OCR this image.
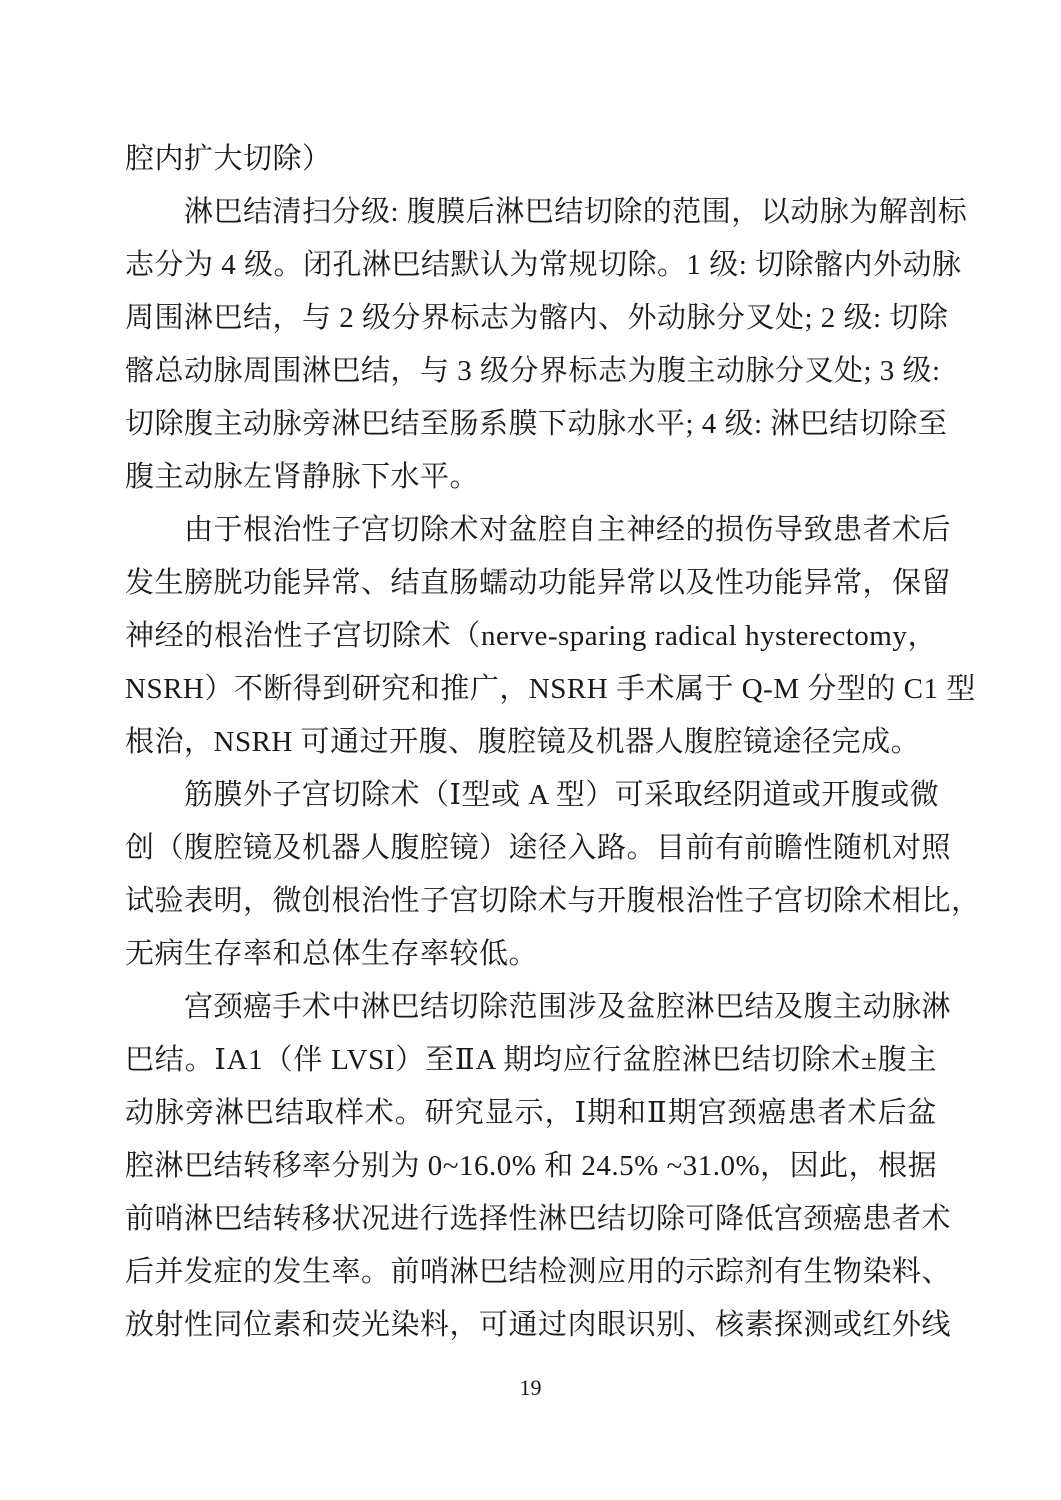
腔内扩大切除）
　　淋巴结清扫分级: 腹膜后淋巴结切除的范围，以动脉为解剖标
志分为 4 级。闭孔淋巴结默认为常规切除。1 级: 切除髂内外动脉
周围淋巴结，与 2 级分界标志为髂内、外动脉分叉处; 2 级: 切除
髂总动脉周围淋巴结，与 3 级分界标志为腹主动脉分叉处; 3 级:
切除腹主动脉旁淋巴结至肠系膜下动脉水平; 4 级: 淋巴结切除至
腹主动脉左肾静脉下水平。
　　由于根治性子宫切除术对盆腔自主神经的损伤导致患者术后
发生膀胱功能异常、结直肠蠕动功能异常以及性功能异常，保留
神经的根治性子宫切除术（nerve-sparing radical hysterectomy，
NSRH）不断得到研究和推广，NSRH 手术属于 Q-M 分型的 C1 型
根治，NSRH 可通过开腹、腹腔镜及机器人腹腔镜途径完成。
　　筋膜外子宫切除术（Ⅰ型或 A 型）可采取经阴道或开腹或微
创（腹腔镜及机器人腹腔镜）途径入路。目前有前瞻性随机对照
试验表明，微创根治性子宫切除术与开腹根治性子宫切除术相比，
无病生存率和总体生存率较低。
　　宫颈癌手术中淋巴结切除范围涉及盆腔淋巴结及腹主动脉淋
巴结。ⅠA1（伴 LVSI）至ⅡA 期均应行盆腔淋巴结切除术±腹主
动脉旁淋巴结取样术。研究显示，Ⅰ期和Ⅱ期宫颈癌患者术后盆
腔淋巴结转移率分别为 0~16.0% 和 24.5% ~31.0%，因此，根据
前哨淋巴结转移状况进行选择性淋巴结切除可降低宫颈癌患者术
后并发症的发生率。前哨淋巴结检测应用的示踪剂有生物染料、
放射性同位素和荧光染料，可通过肉眼识别、核素探测或红外线
19
